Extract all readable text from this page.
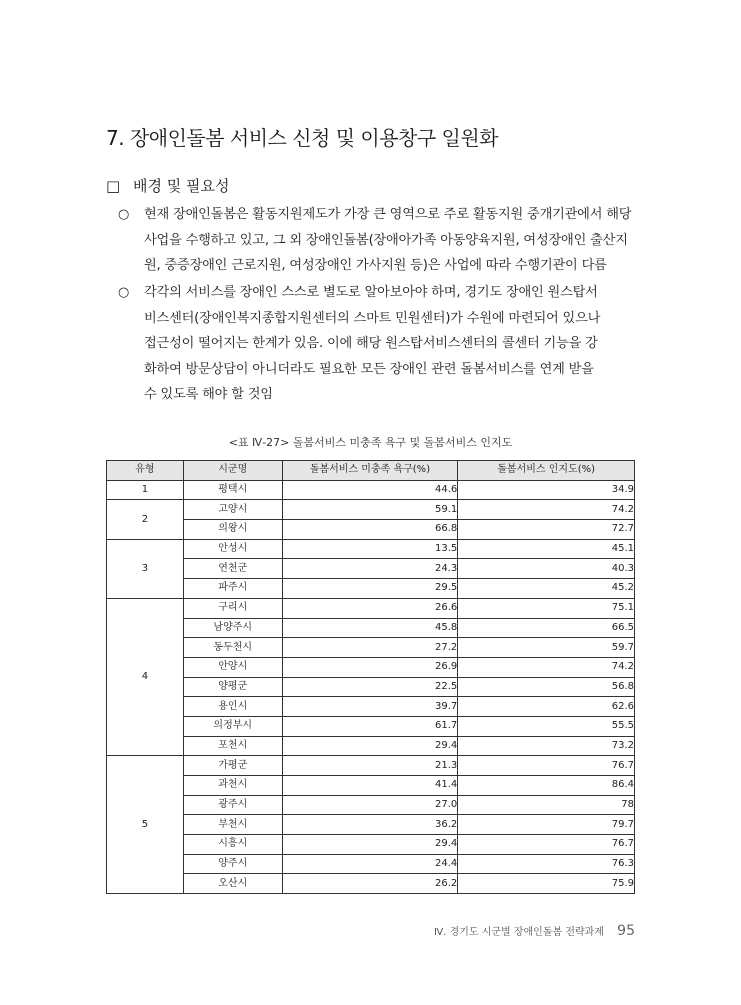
7. 장애인돌봄 서비스 신청 및 이용창구 일원화
□ 배경 및 필요성
○	현재 장애인돌봄은 활동지원제도가 가장 큰 영역으로 주로 활동지원 중개기관에서 해당
사업을 수행하고 있고, 그 외 장애인돌봄(장애아가족 아동양육지원, 여성장애인 출산지
원, 중증장애인 근로지원, 여성장애인 가사지원 등)은 사업에 따라 수행기관이 다름
○	각각의 서비스를 장애인 스스로 별도로 알아보아야 하며, 경기도 장애인 원스탑서
비스센터(장애인복지종합지원센터의 스마트 민원센터)가 수원에 마련되어 있으나
접근성이 떨어지는 한계가 있음. 이에 해당 원스탑서비스센터의 콜센터 기능을 강
화하여 방문상담이 아니더라도 필요한 모든 장애인 관련 돌봄서비스를 연계 받을
수 있도록 해야 할 것임
<표 Ⅳ-27> 돌봄서비스 미충족 욕구 및 돌봄서비스 인지도
유형	시군명	돌봄서비스 미충족 욕구(%)	돌봄서비스 인지도(%)
1	평택시	44.6	34.9
2	고양시	59.1	74.2
	의왕시	66.8	72.7
3	안성시	13.5	45.1
	연천군	24.3	40.3
	파주시	29.5	45.2
4	구리시	26.6	75.1
	남양주시	45.8	66.5
	동두천시	27.2	59.7
	안양시	26.9	74.2
	양평군	22.5	56.8
	용인시	39.7	62.6
	의정부시	61.7	55.5
	포천시	29.4	73.2
5	가평군	21.3	76.7
	과천시	41.4	86.4
	광주시	27.0	78
	부천시	36.2	79.7
	시흥시	29.4	76.7
	양주시	24.4	76.3
	오산시	26.2	75.9
Ⅳ. 경기도 시군별 장애인돌봄 전략과제 95
